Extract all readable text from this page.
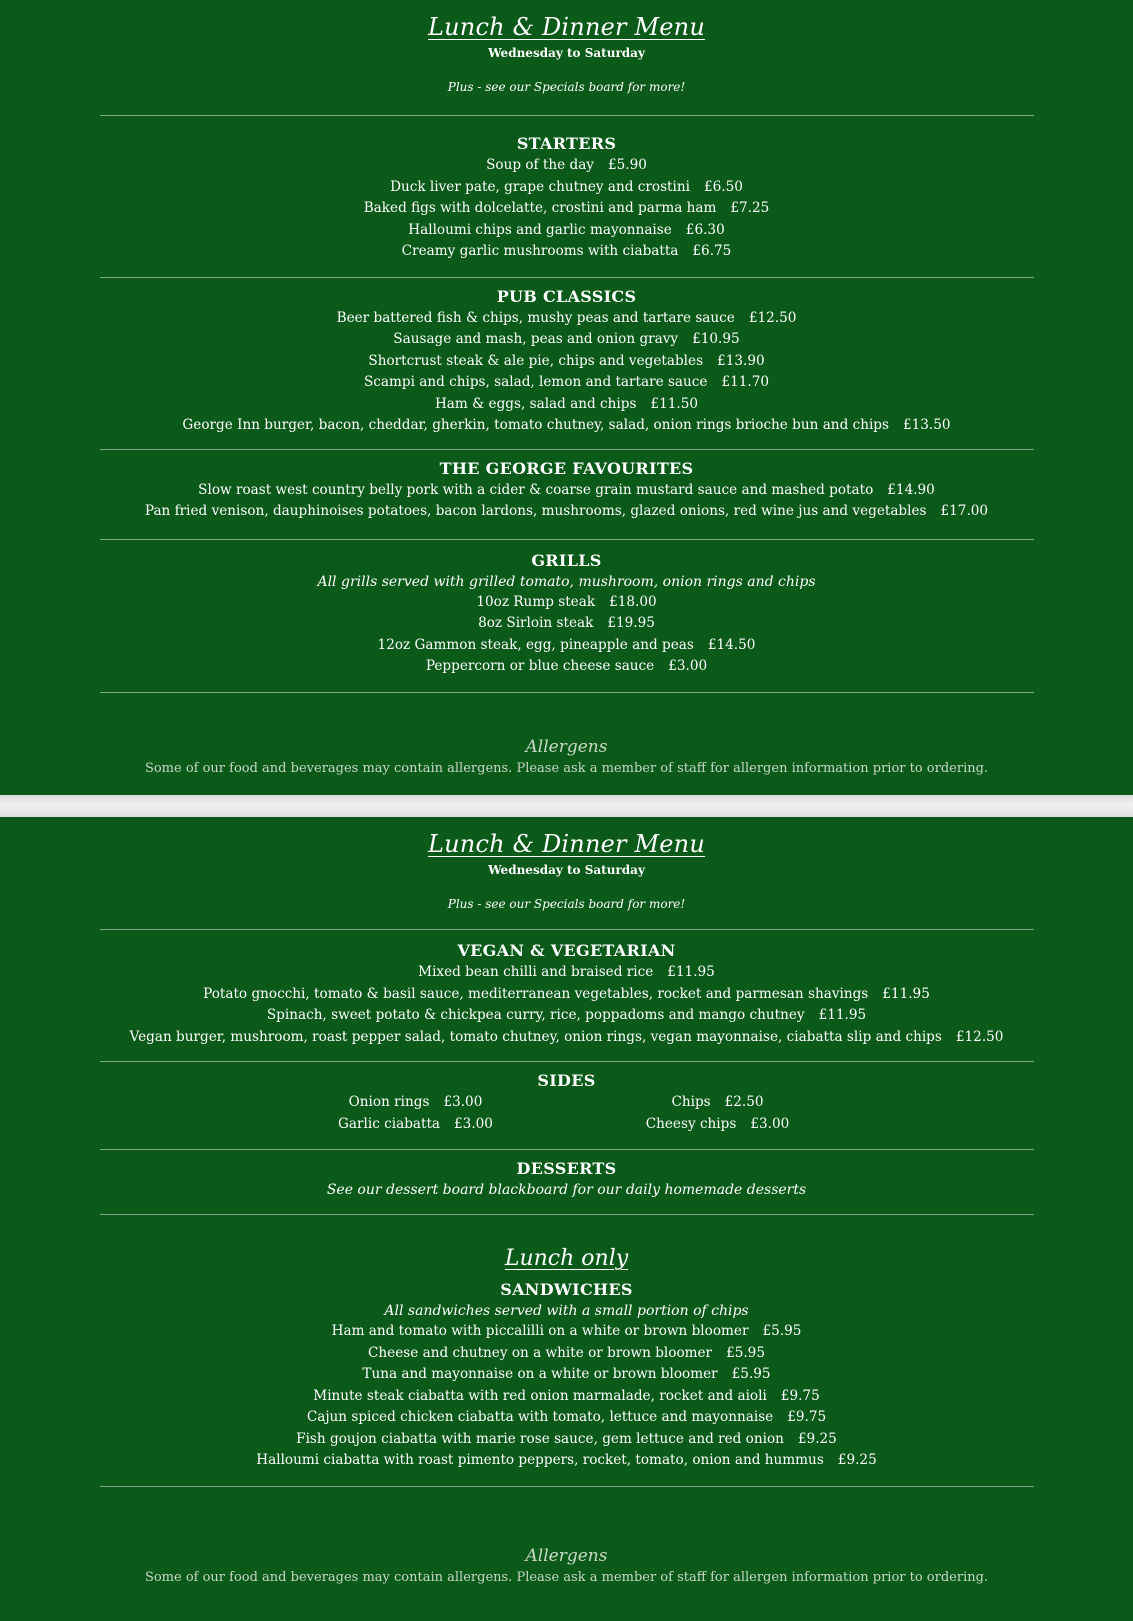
Lunch & Dinner Menu
Wednesday to Saturday
Plus - see our Specials board for more!
STARTERS
Soup of the day £5.90
Duck liver pate, grape chutney and crostini £6.50
Baked figs with dolcelatte, crostini and parma ham £7.25
Halloumi chips and garlic mayonnaise £6.30
Creamy garlic mushrooms with ciabatta £6.75
PUB CLASSICS
Beer battered fish & chips, mushy peas and tartare sauce £12.50
Sausage and mash, peas and onion gravy £10.95
Shortcrust steak & ale pie, chips and vegetables £13.90
Scampi and chips, salad, lemon and tartare sauce £11.70
Ham & eggs, salad and chips £11.50
George Inn burger, bacon, cheddar, gherkin, tomato chutney, salad, onion rings brioche bun and chips £13.50
THE GEORGE FAVOURITES
Slow roast west country belly pork with a cider & coarse grain mustard sauce and mashed potato £14.90
Pan fried venison, dauphinoises potatoes, bacon lardons, mushrooms, glazed onions, red wine jus and vegetables £17.00
GRILLS
All grills served with grilled tomato, mushroom, onion rings and chips
10oz Rump steak £18.00
8oz Sirloin steak £19.95
12oz Gammon steak, egg, pineapple and peas £14.50
Peppercorn or blue cheese sauce £3.00
Allergens
Some of our food and beverages may contain allergens. Please ask a member of staff for allergen information prior to ordering.
Lunch & Dinner Menu
Wednesday to Saturday
Plus - see our Specials board for more!
VEGAN & VEGETARIAN
Mixed bean chilli and braised rice £11.95
Potato gnocchi, tomato & basil sauce, mediterranean vegetables, rocket and parmesan shavings £11.95
Spinach, sweet potato & chickpea curry, rice, poppadoms and mango chutney £11.95
Vegan burger, mushroom, roast pepper salad, tomato chutney, onion rings, vegan mayonnaise, ciabatta slip and chips £12.50
SIDES
Onion rings £3.00	Chips £2.50
Garlic ciabatta £3.00	Cheesy chips £3.00
DESSERTS
See our dessert board blackboard for our daily homemade desserts
Lunch only
SANDWICHES
All sandwiches served with a small portion of chips
Ham and tomato with piccalilli on a white or brown bloomer £5.95
Cheese and chutney on a white or brown bloomer £5.95
Tuna and mayonnaise on a white or brown bloomer £5.95
Minute steak ciabatta with red onion marmalade, rocket and aioli £9.75
Cajun spiced chicken ciabatta with tomato, lettuce and mayonnaise £9.75
Fish goujon ciabatta with marie rose sauce, gem lettuce and red onion £9.25
Halloumi ciabatta with roast pimento peppers, rocket, tomato, onion and hummus £9.25
Allergens
Some of our food and beverages may contain allergens. Please ask a member of staff for allergen information prior to ordering.
